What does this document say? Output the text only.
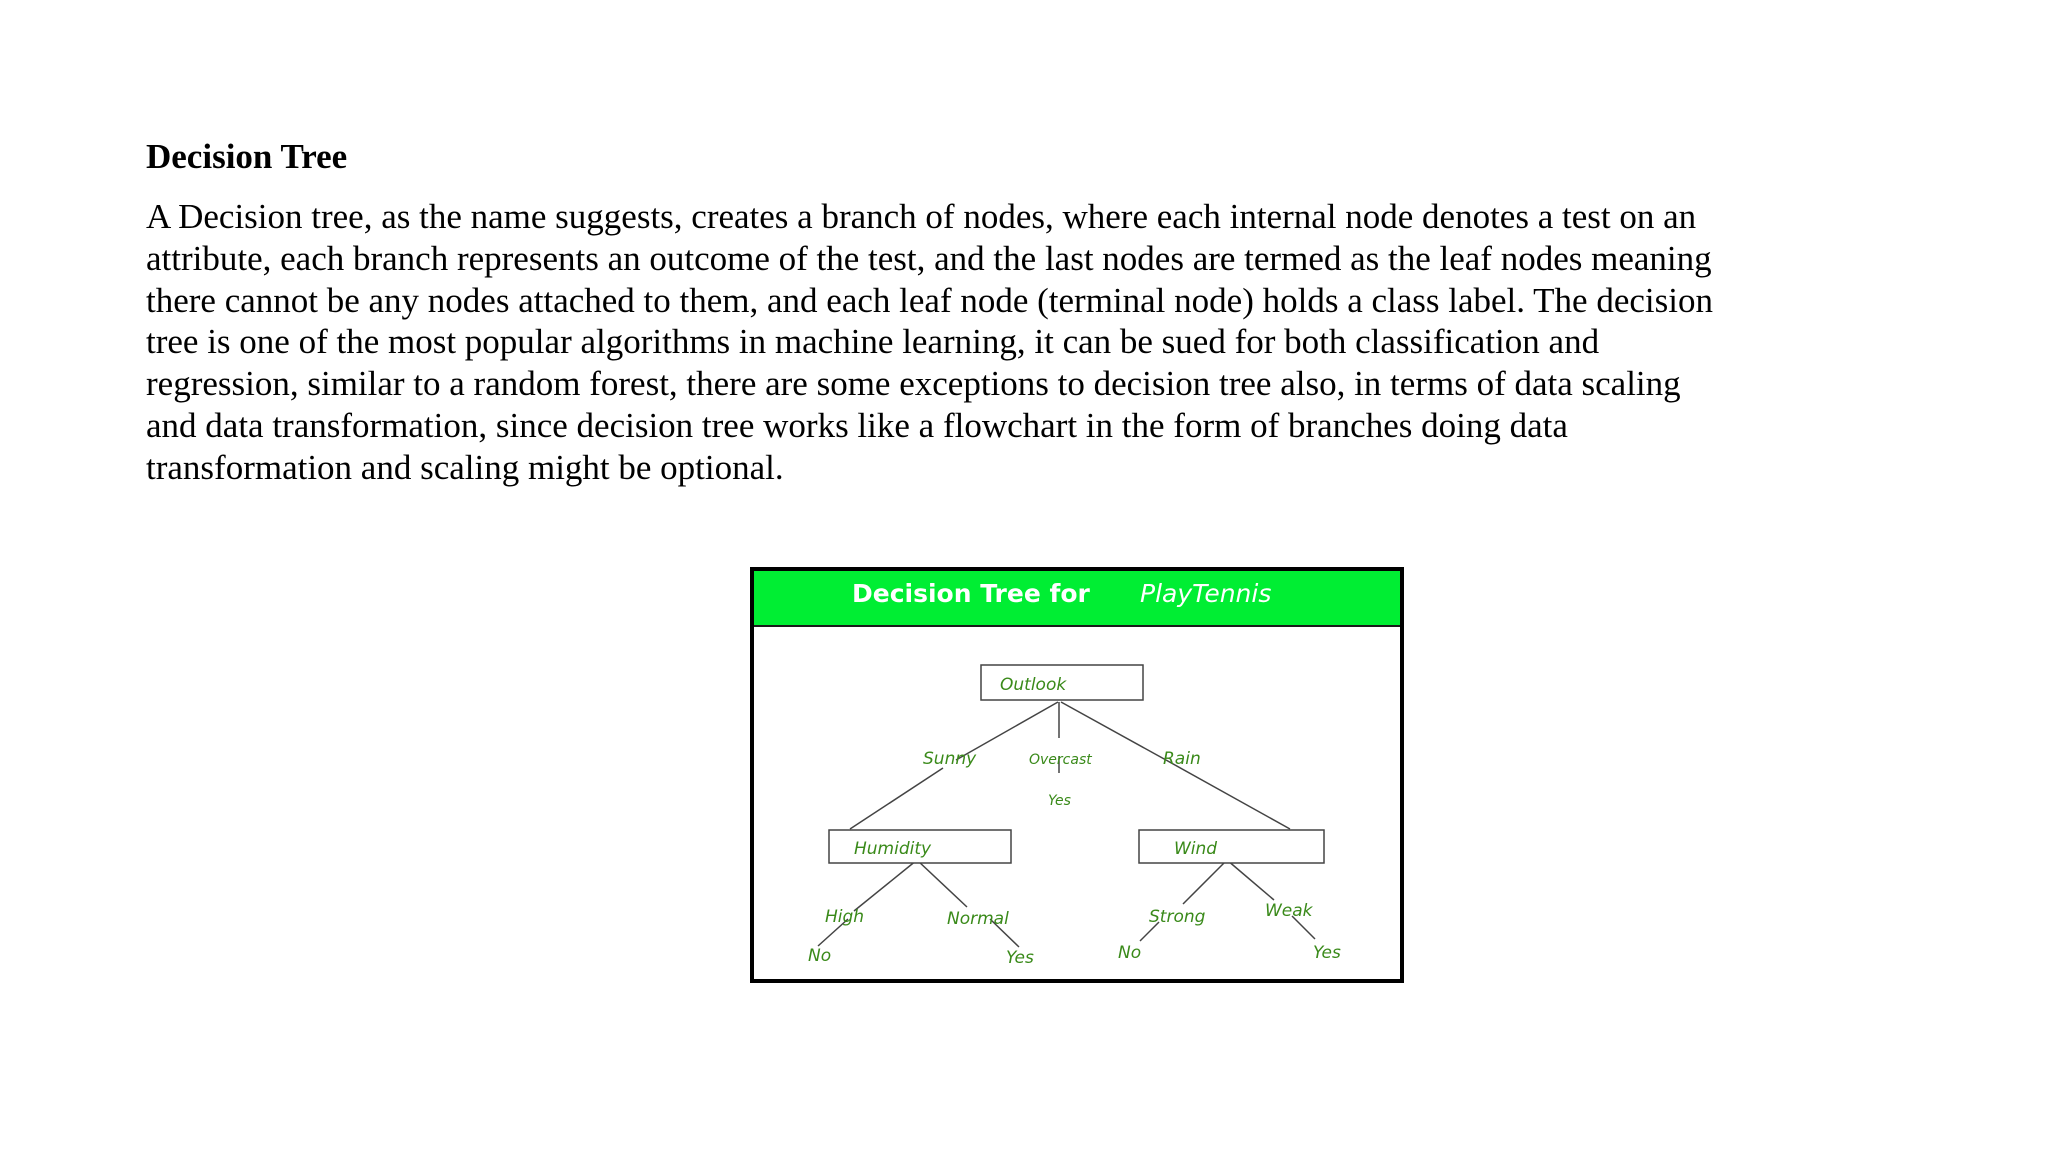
Decision Tree
A Decision tree, as the name suggests, creates a branch of nodes, where each internal node denotes a test on an
attribute, each branch represents an outcome of the test, and the last nodes are termed as the leaf nodes meaning
there cannot be any nodes attached to them, and each leaf node (terminal node) holds a class label. The decision
tree is one of the most popular algorithms in machine learning, it can be sued for both classification and
regression, similar to a random forest, there are some exceptions to decision tree also, in terms of data scaling
and data transformation, since decision tree works like a flowchart in the form of branches doing data
transformation and scaling might be optional.
Decision Tree for PlayTennis
Outlook
Humidity	Wind
Sunny	Overcast	Rain
High	Normal	Strong	Weak
Yes
No	Yes	No	Yes
